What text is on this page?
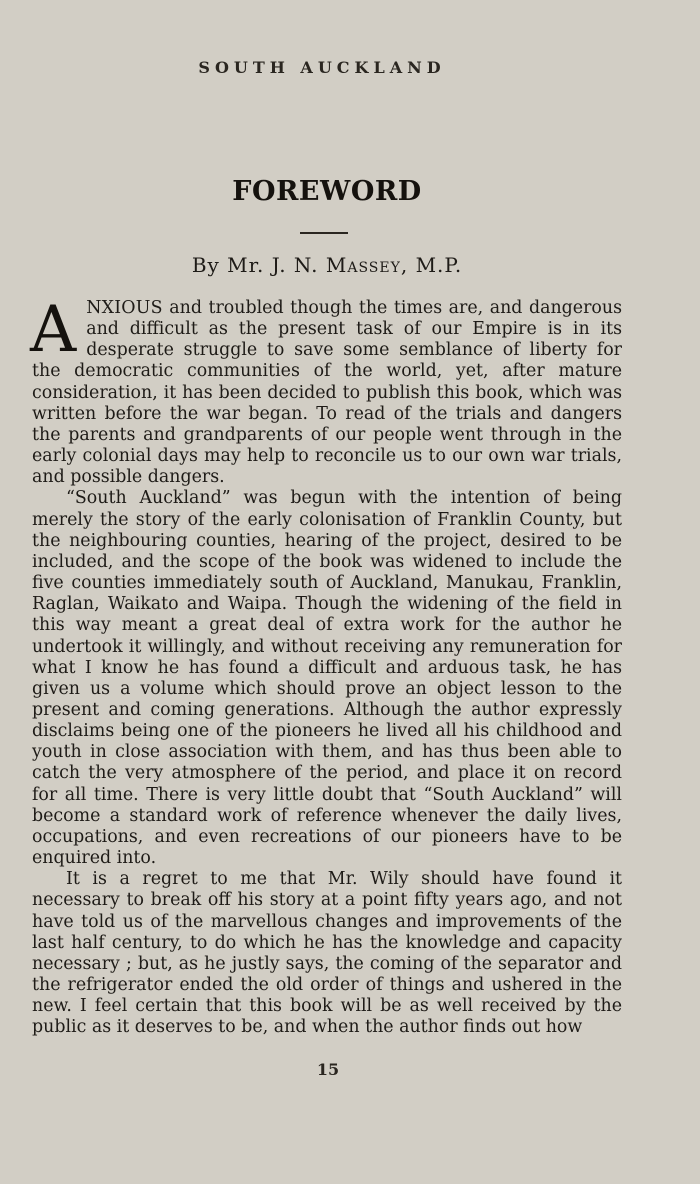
SOUTH AUCKLAND
FOREWORD
By Mr. J. N. Massey, M.P.

ANXIOUS and troubled though the times are, and dangerous and difficult as the present task of our Empire is in its desperate struggle to save some semblance of liberty for the democratic communities of the world, yet, after mature consideration, it has been decided to publish this book, which was written before the war began. To read of the trials and dangers the parents and grandparents of our people went through in the early colonial days may help to reconcile us to our own war trials, and possible dangers.

“South Auckland” was begun with the intention of being merely the story of the early colonisation of Franklin County, but the neighbouring counties, hearing of the project, desired to be included, and the scope of the book was widened to include the five counties immediately south of Auckland, Manukau, Franklin, Raglan, Waikato and Waipa. Though the widening of the field in this way meant a great deal of extra work for the author he undertook it willingly, and without receiving any remuneration for what I know he has found a difficult and arduous task, he has given us a volume which should prove an object lesson to the present and coming generations. Although the author expressly disclaims being one of the pioneers he lived all his childhood and youth in close association with them, and has thus been able to catch the very atmosphere of the period, and place it on record for all time. There is very little doubt that “South Auckland” will become a standard work of reference whenever the daily lives, occupations, and even recreations of our pioneers have to be enquired into.

It is a regret to me that Mr. Wily should have found it necessary to break off his story at a point fifty years ago, and not have told us of the marvellous changes and improvements of the last half century, to do which he has the knowledge and capacity necessary ; but, as he justly says, the coming of the separator and the refrigerator ended the old order of things and ushered in the new. I feel certain that this book will be as well received by the public as it deserves to be, and when the author finds out how

15
